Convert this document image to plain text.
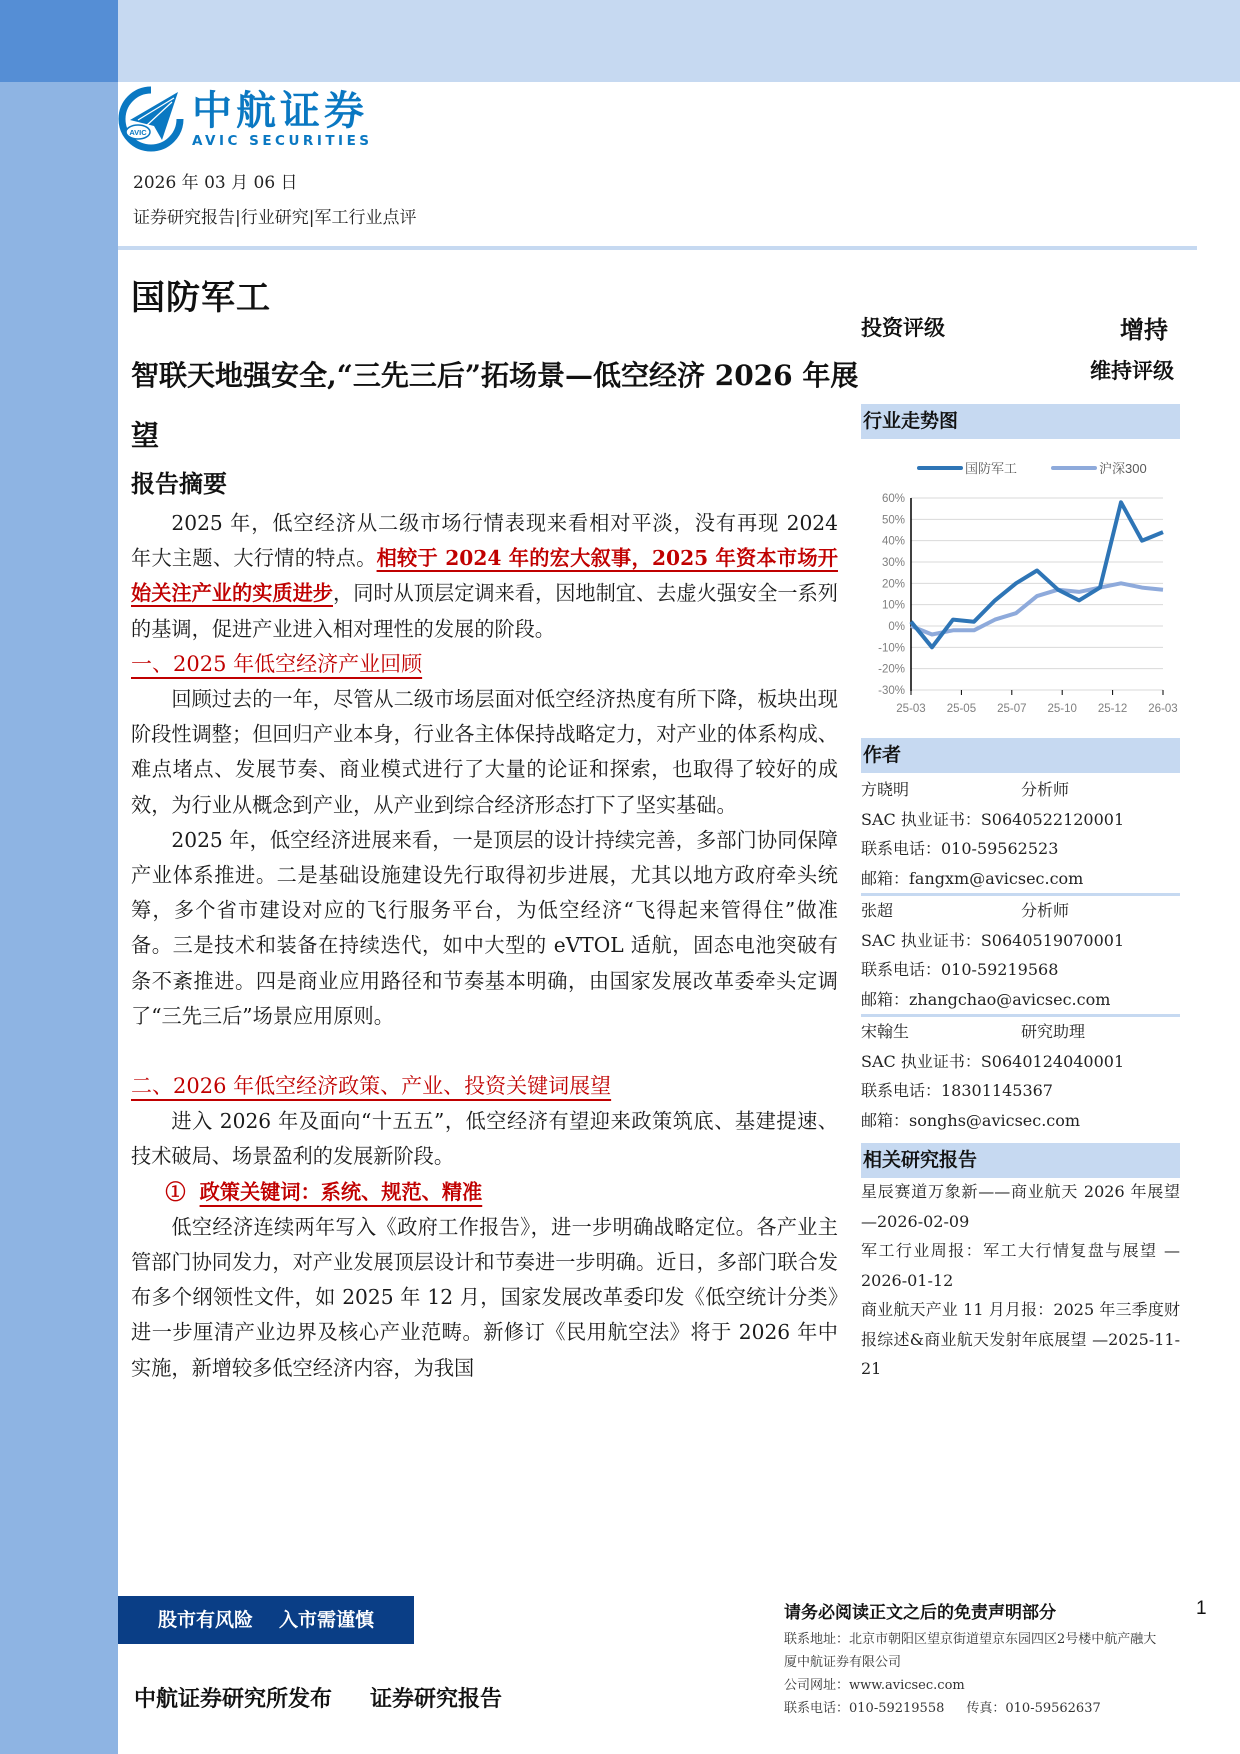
AVIC 中航证券
AVIC SECURITIES
2026 年 03 月 06 日
证券研究报告|行业研究|军工行业点评
国防军工
智联天地强安全,“三先三后”拓场景—低空经济 2026 年展望
报告摘要

2025 年，低空经济从二级市场行情表现来看相对平淡，没有再现 2024 年大主题、大行情的特点。相较于 2024 年的宏大叙事，2025 年资本市场开始关注产业的实质进步，同时从顶层定调来看，因地制宜、去虚火强安全一系列的基调，促进产业进入相对理性的发展的阶段。

一、2025 年低空经济产业回顾

回顾过去的一年，尽管从二级市场层面对低空经济热度有所下降，板块出现阶段性调整；但回归产业本身，行业各主体保持战略定力，对产业的体系构成、难点堵点、发展节奏、商业模式进行了大量的论证和探索，也取得了较好的成效，为行业从概念到产业，从产业到综合经济形态打下了坚实基础。

2025 年，低空经济进展来看，一是顶层的设计持续完善，多部门协同保障产业体系推进。二是基础设施建设先行取得初步进展，尤其以地方政府牵头统筹，多个省市建设对应的飞行服务平台，为低空经济“飞得起来管得住”做准备。三是技术和装备在持续迭代，如中大型的 eVTOL 适航，固态电池突破有条不紊推进。四是商业应用路径和节奏基本明确，由国家发展改革委牵头定调了“三先三后”场景应用原则。

二、2026 年低空经济政策、产业、投资关键词展望

进入 2026 年及面向“十五五”，低空经济有望迎来政策筑底、基建提速、技术破局、场景盈利的发展新阶段。

① 政策关键词：系统、规范、精准

低空经济连续两年写入《政府工作报告》，进一步明确战略定位。各产业主管部门协同发力，对产业发展顶层设计和节奏进一步明确。近日，多部门联合发布多个纲领性文件，如 2025 年 12 月，国家发展改革委印发《低空统计分类》进一步厘清产业边界及核心产业范畴。新修订《民用航空法》将于 2026 年中实施，新增较多低空经济内容，为我国

投资评级	增持
维持评级
行业走势图
国防军工	沪深300
60%
50%
40%
30%
20%
10%
0%
-10%
-20%
-30%
25-03 25-05 25-07 25-10 25-12 26-03
作者
方晓明	分析师
SAC 执业证书：S0640522120001
联系电话：010-59562523
邮箱：fangxm@avicsec.com
张超	分析师
SAC 执业证书：S0640519070001
联系电话：010-59219568
邮箱：zhangchao@avicsec.com
宋翰生	研究助理
SAC 执业证书：S0640124040001
联系电话：18301145367
邮箱：songhs@avicsec.com
相关研究报告
星辰赛道万象新——商业航天 2026 年展望 —2026-02-09
军工行业周报：军工大行情复盘与展望 —2026-01-12
商业航天产业 11 月月报：2025 年三季度财报综述&商业航天发射年底展望 —2025-11-21
股市有风险 入市需谨慎
中航证券研究所发布 证券研究报告
请务必阅读正文之后的免责声明部分	1
联系地址：北京市朝阳区望京街道望京东园四区2号楼中航产融大厦中航证券有限公司
公司网址：www.avicsec.com
联系电话：010-59219558 传真：010-59562637
